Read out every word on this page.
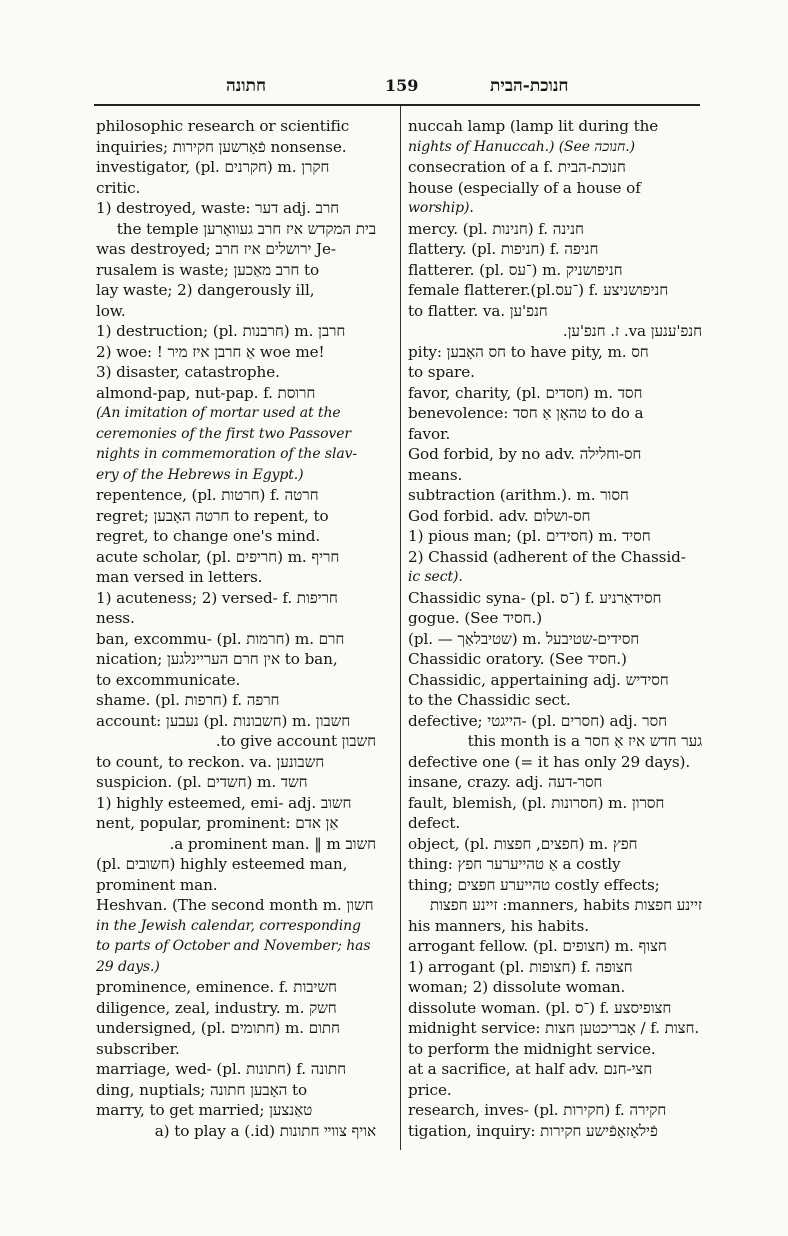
חתונה	159	חנוכת-הבית
philosophic research or scientific
inquiries; פֿאָרשען חקירות nonsense.
investigator, (pl. חקרנים) m. חקרן
critic.
1) destroyed, waste: דער adj. חרב
בית המקדש איז חרב געוואָרען the temple
was destroyed; ירושלים איז חרב Je-
rusalem is waste; חרב מאַכען to
lay waste; 2) dangerously ill,
low.
1) destruction; (pl. חרבנות) m. חרבן
2) woe: ! אַ חרבן איז מיר woe me!
3) disaster, catastrophe.
almond-pap, nut-pap. f. חרוסת
(An imitation of mortar used at the
ceremonies of the first two Passover
nights in commemoration of the slav-
ery of the Hebrews in Egypt.)
repentence, (pl. חרטות) f. חרטה
regret; חרטה האָבען to repent, to
regret, to change one's mind.
acute scholar, (pl. חריפים) m. חריף
man versed in letters.
1) acuteness; 2) versed- f. חריפות
ness.
ban, excommu- (pl. חרמות) m. חרם
nication; אין חרם העריינלגען to ban,
to excommunicate.
shame. (pl. חרפות) f. חרפה
account: נעבען (pl. חשבונות) m. חשבון
חשבון to give account.
to count, to reckon. va. חשבונען
suspicion. (pl. חשדים) m. חשד
1) highly esteemed, emi- adj. חשוב
nent, popular, prominent: אַן אדם
חשוב a prominent man. ‖ m.
(pl. חשובים) highly esteemed man,
prominent man.
Heshvan. (The second month m. חשון
in the Jewish calendar, corresponding
to parts of October and November; has
29 days.)
prominence, eminence. f. חשיבות
diligence, zeal, industry. m. חשק
undersigned, (pl. חתומים) m. חתום
subscriber.
marriage, wed- (pl. חתונות) f. חתונה
ding, nuptials; האָבען חתונה to
marry, to get married; טאַנצען
אויף צווײ חתונות (id.) a) to play a
nuccah lamp (lamp lit during the
nights of Hanuccah.) (See חנוכה.)
consecration of a f. חנוכת-הבית
house (especially of a house of
worship).
mercy. (pl. חנינות) f. חנינה
flattery. (pl. חניפות) f. חניפה
flatterer. (pl. ־עס) m. חניפושניק
female flatterer.(pl.־עס) f. חניפושניצע
to flatter. va. חנפ'ען
חנפ'ענען va. ז. חנפ'ען.
pity: חס האָבען to have pity, m. חס
to spare.
favor, charity, (pl. חסדים) m. חסד
benevolence: טהאָן אַ חסד to do a
favor.
God forbid, by no adv. חס-וחלילה
means.
subtraction (arithm.). m. חסור
God forbid. adv. חס-ושלום
1) pious man; (pl. חסידים) m. חסיד
2) Chassid (adherent of the Chassid-
ic sect).
Chassidic syna- (pl. ־ס) f. חסידאַרניע
gogue. (See חסיד.)
(pl. — שטיבלאַך) m. חסידים-שטיבעל
Chassidic oratory. (See חסיד.)
Chassidic, appertaining adj. חסידיש
to the Chassidic sect.
defective; הייגטי- (pl. חסרים) adj. חסר
גער חדש איז אַ חסר this month is a
defective one (= it has only 29 days).
insane, crazy. adj. חסר-דעה
fault, blemish, (pl. חסרונות) m. חסרון
defect.
object, (pl. חפצים, חפצות) m. חפץ
thing: אַ טהייערער חפץ a costly
thing; טהייערע חפצים costly effects;
זיינע חפצות manners, habits: זיינע חפצות
his manners, his habits.
arrogant fellow. (pl. חצופים) m. חצוף
1) arrogant (pl. חצופות) f. חצופה
woman; 2) dissolute woman.
dissolute woman. (pl. ־ס) f. חצופיסצע
midnight service: אָבריכטען חצות / f. חצות.
to perform the midnight service.
at a sacrifice, at half adv. חצי-חנם
price.
research, inves- (pl. חקירות) f. חקירה
tigation, inquiry: פֿילאָזאָפֿישע חקירות
